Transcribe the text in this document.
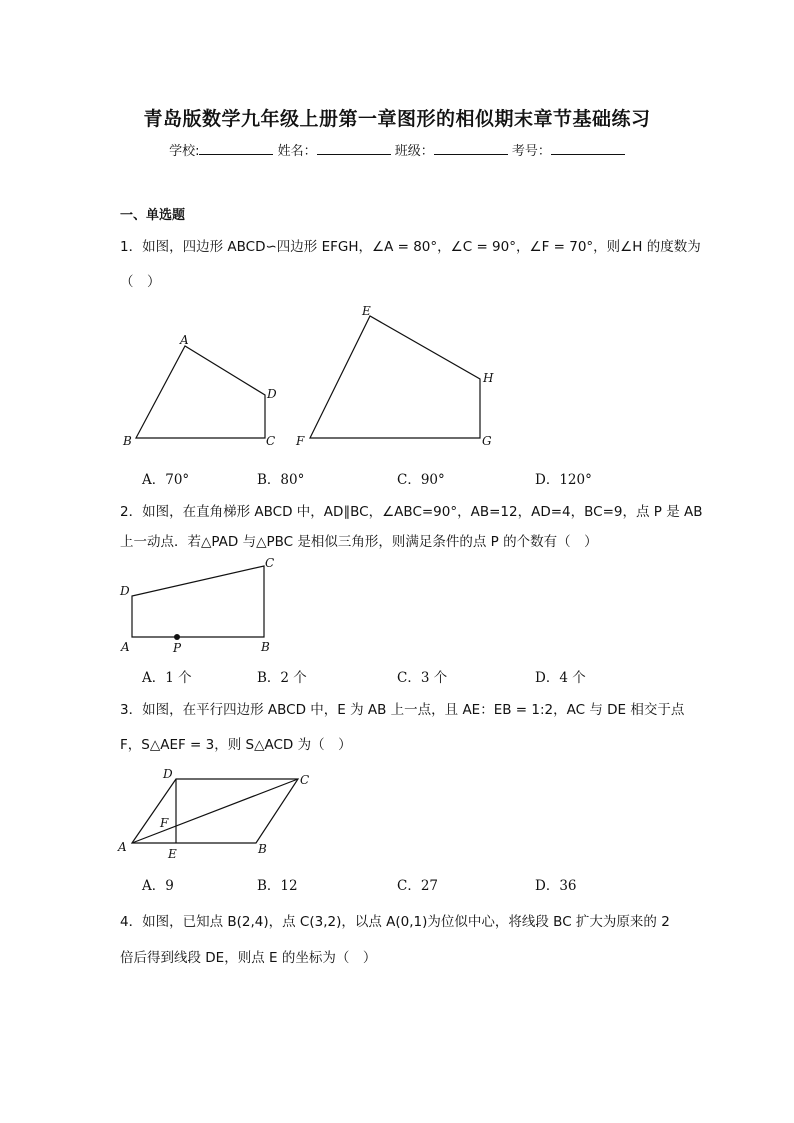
青岛版数学九年级上册第一章图形的相似期末章节基础练习
学校:	姓名：	班级：	考号：
一、单选题
1．如图，四边形 ABCD∽四边形 EFGH，∠A = 80°，∠C = 90°，∠F = 70°，则∠H 的度数为
（　）
B
A
D
C F
E
H
G
A．70°	B．80°	C．90°	D．120°
2．如图，在直角梯形 ABCD 中，AD∥BC，∠ABC=90°，AB=12，AD=4，BC=9，点 P 是 AB
上一动点．若△PAD 与△PBC 是相似三角形，则满足条件的点 P 的个数有（　）
D
C
A	P	B
A．1 个	B．2 个	C．3 个	D．4 个
3．如图，在平行四边形 ABCD 中，E 为 AB 上一点，且 AE：EB = 1:2，AC 与 DE 相交于点
F，S△AEF = 3，则 S△ACD 为（　）
A
D	C
B
F
E
A．9	B．12	C．27	D．36
4．如图，已知点 B(2,4)，点 C(3,2)，以点 A(0,1)为位似中心，将线段 BC 扩大为原来的 2
倍后得到线段 DE，则点 E 的坐标为（　）
